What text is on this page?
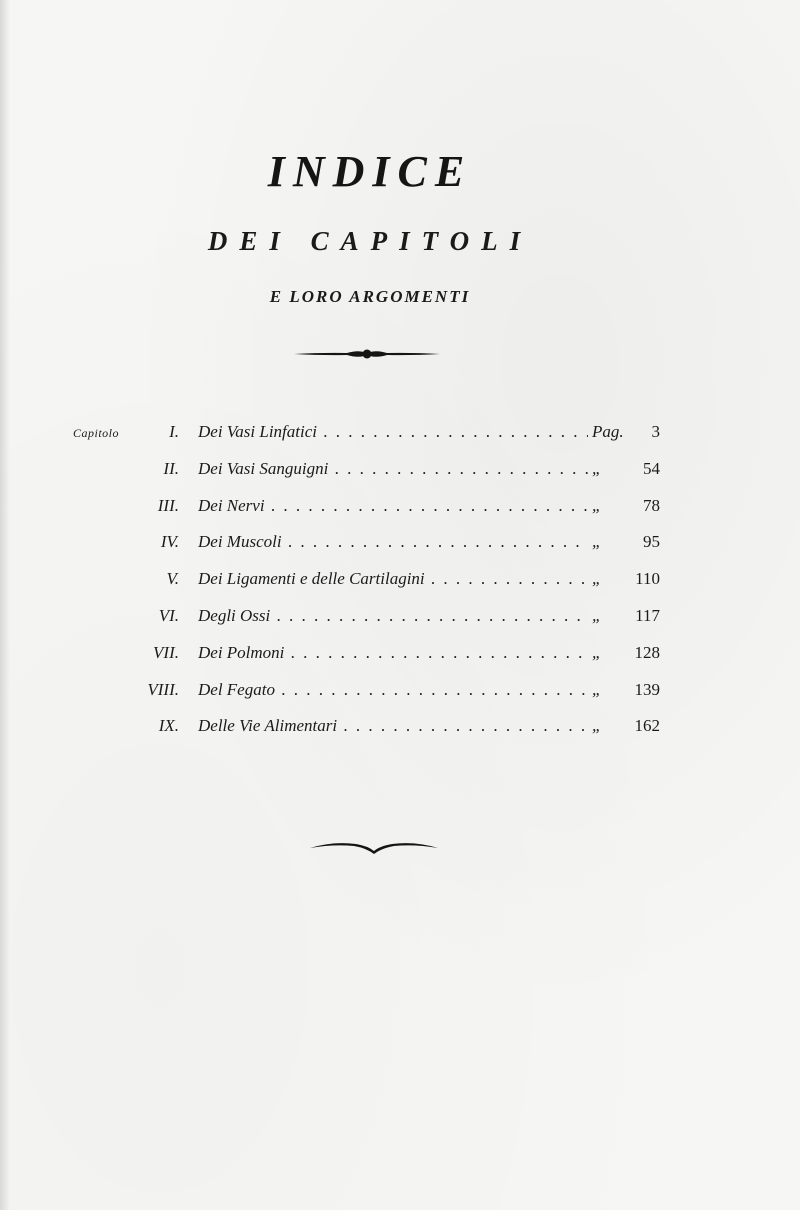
INDICE
DEI CAPITOLI
E LORO ARGOMENTI
Capitolo	I. Dei Vasi Linfatici . . .	Pag. 3
II. Dei Vasi Sanguigni . . .	„ 54
III. Dei Nervi . . .	„ 78
IV. Dei Muscoli . . .	„ 95
V. Dei Ligamenti e delle Cartilagini . . .	„ 110
VI. Degli Ossi . . .	„ 117
VII. Dei Polmoni . . .	„ 128
VIII. Del Fegato . . .	„ 139
IX. Delle Vie Alimentari . . .	„ 162
